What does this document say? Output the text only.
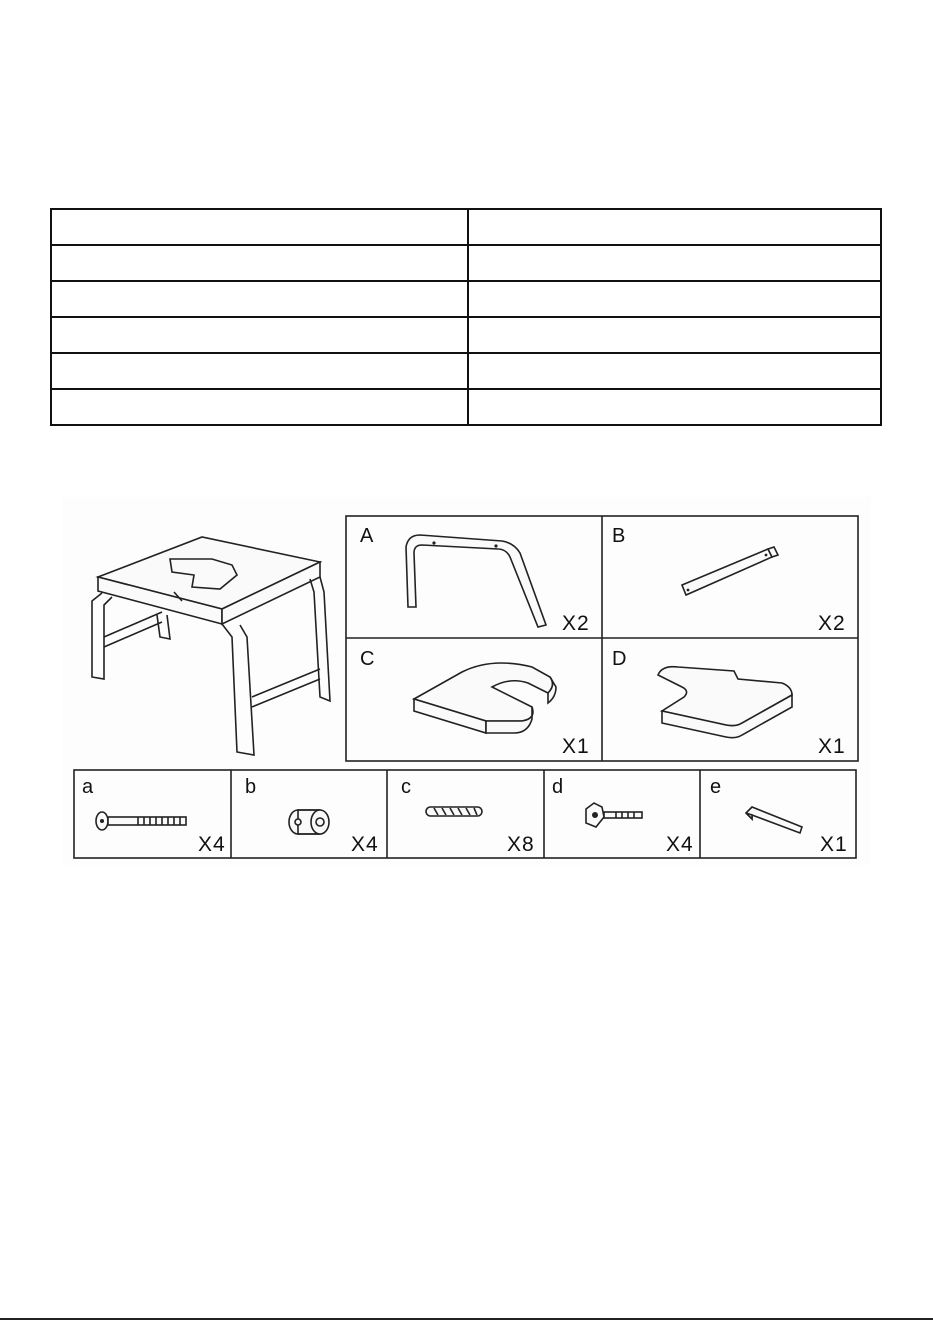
A
X2
B
X2
C
X1
D
X1
a
X4
b
X4
c
X8
d
X4
e
X1
